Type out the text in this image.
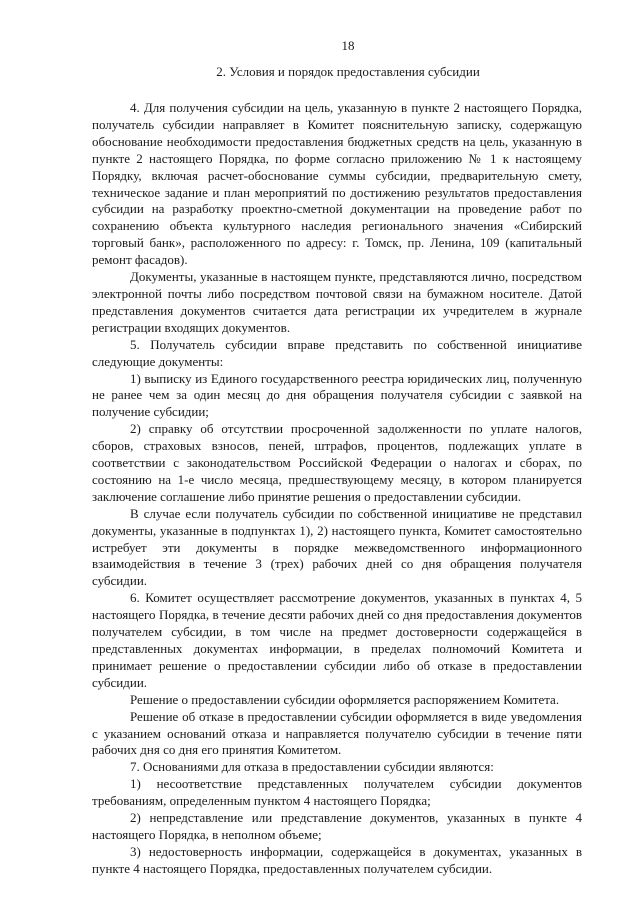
18
2. Условия и порядок предоставления субсидии

4. Для получения субсидии на цель, указанную в пункте 2 настоящего Порядка, получатель субсидии направляет в Комитет пояснительную записку, содержащую обоснование необходимости предоставления бюджетных средств на цель, указанную в пункте 2 настоящего Порядка, по форме согласно приложению № 1 к настоящему Порядку, включая расчет-обоснование суммы субсидии, предварительную смету, техническое задание и план мероприятий по достижению результатов предоставления субсидии на разработку проектно-сметной документации на проведение работ по сохранению объекта культурного наследия регионального значения «Сибирский торговый банк», расположенного по адресу: г. Томск, пр. Ленина, 109 (капитальный ремонт фасадов).

Документы, указанные в настоящем пункте, представляются лично, посредством электронной почты либо посредством почтовой связи на бумажном носителе. Датой представления документов считается дата регистрации их учредителем в журнале регистрации входящих документов.

5. Получатель субсидии вправе представить по собственной инициативе следующие документы:

1) выписку из Единого государственного реестра юридических лиц, полученную не ранее чем за один месяц до дня обращения получателя субсидии с заявкой на получение субсидии;

2) справку об отсутствии просроченной задолженности по уплате налогов, сборов, страховых взносов, пеней, штрафов, процентов, подлежащих уплате в соответствии с законодательством Российской Федерации о налогах и сборах, по состоянию на 1-е число месяца, предшествующему месяцу, в котором планируется заключение соглашение либо принятие решения о предоставлении субсидии.

В случае если получатель субсидии по собственной инициативе не представил документы, указанные в подпунктах 1), 2) настоящего пункта, Комитет самостоятельно истребует эти документы в порядке межведомственного информационного взаимодействия в течение 3 (трех) рабочих дней со дня обращения получателя субсидии.

6. Комитет осуществляет рассмотрение документов, указанных в пунктах 4, 5 настоящего Порядка, в течение десяти рабочих дней со дня предоставления документов получателем субсидии, в том числе на предмет достоверности содержащейся в представленных документах информации, в пределах полномочий Комитета и принимает решение о предоставлении субсидии либо об отказе в предоставлении субсидии.

Решение о предоставлении субсидии оформляется распоряжением Комитета.

Решение об отказе в предоставлении субсидии оформляется в виде уведомления с указанием оснований отказа и направляется получателю субсидии в течение пяти рабочих дня со дня его принятия Комитетом.

7. Основаниями для отказа в предоставлении субсидии являются:

1) несоответствие представленных получателем субсидии документов требованиям, определенным пунктом 4 настоящего Порядка;

2) непредставление или представление документов, указанных в пункте 4 настоящего Порядка, в неполном объеме;

3) недостоверность информации, содержащейся в документах, указанных в пункте 4 настоящего Порядка, предоставленных получателем субсидии.
